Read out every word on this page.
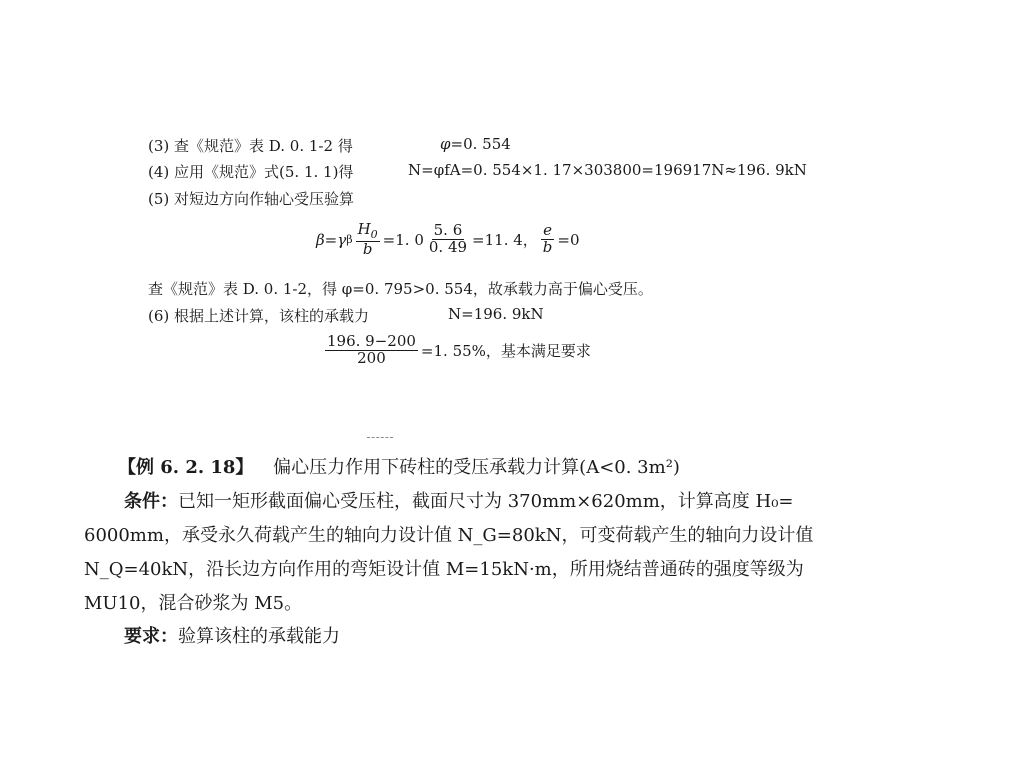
(3) 查《规范》表 D. 0. 1-2 得	φ=0. 554
(4) 应用《规范》式(5. 1. 1)得	N=φfA=0. 554×1. 17×303800=196917N≈196. 9kN
(5) 对短边方向作轴心受压验算
β= γ β $\frac{H_0}{b} =1$. $0 \frac{5. 6}{0. 49} =11$. 4， $\frac{e}{b} =0$
查《规范》表 D. 0. 1-2，得 φ=0. 795>0. 554，故承载力高于偏心受压。
(6) 根据上述计算，该柱的承载力	N=196. 9kN
$\frac{196. 9-200}{200} =1$. 55%，基本满足要求
【例 6. 2. 18】 偏心压力作用下砖柱的受压承载力计算(A<0. 3m²)
条件：已知一矩形截面偏心受压柱，截面尺寸为 370mm×620mm，计算高度 H₀=
6000mm，承受永久荷载产生的轴向力设计值 N_G=80kN，可变荷载产生的轴向力设计值
N_Q=40kN，沿长边方向作用的弯矩设计值 M=15kN·m，所用烧结普通砖的强度等级为
MU10，混合砂浆为 M5。
要求：验算该柱的承载能力
